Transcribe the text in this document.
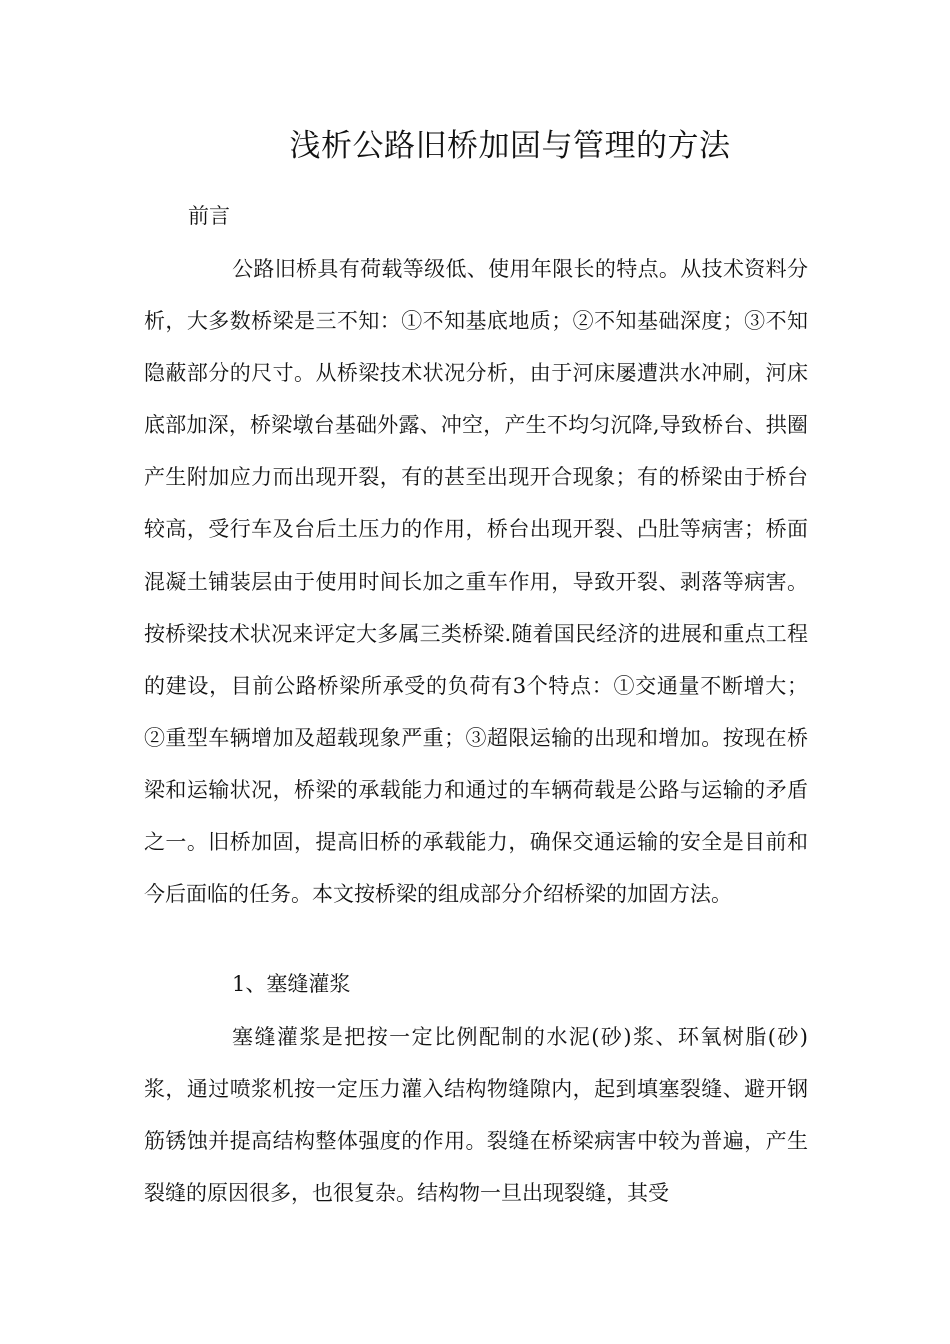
浅析公路旧桥加固与管理的方法
前言

公路旧桥具有荷载等级低、使用年限长的特点。从技术资料分析，大多数桥梁是三不知：①不知基底地质；②不知基础深度；③不知隐蔽部分的尺寸。从桥梁技术状况分析，由于河床屡遭洪水冲刷，河床底部加深，桥梁墩台基础外露、冲空，产生不均匀沉降,导致桥台、拱圈产生附加应力而出现开裂，有的甚至出现开合现象；有的桥梁由于桥台较高，受行车及台后土压力的作用，桥台出现开裂、凸肚等病害；桥面混凝土铺装层由于使用时间长加之重车作用，导致开裂、剥落等病害。按桥梁技术状况来评定大多属三类桥梁.随着国民经济的进展和重点工程的建设，目前公路桥梁所承受的负荷有3个特点：①交通量不断增大；②重型车辆增加及超载现象严重；③超限运输的出现和增加。按现在桥梁和运输状况，桥梁的承载能力和通过的车辆荷载是公路与运输的矛盾之一。旧桥加固，提高旧桥的承载能力，确保交通运输的安全是目前和今后面临的任务。本文按桥梁的组成部分介绍桥梁的加固方法。

1、塞缝灌浆

塞缝灌浆是把按一定比例配制的水泥(砂)浆、环氧树脂(砂)浆，通过喷浆机按一定压力灌入结构物缝隙内，起到填塞裂缝、避开钢筋锈蚀并提高结构整体强度的作用。裂缝在桥梁病害中较为普遍，产生裂缝的原因很多，也很复杂。结构物一旦出现裂缝，其受
